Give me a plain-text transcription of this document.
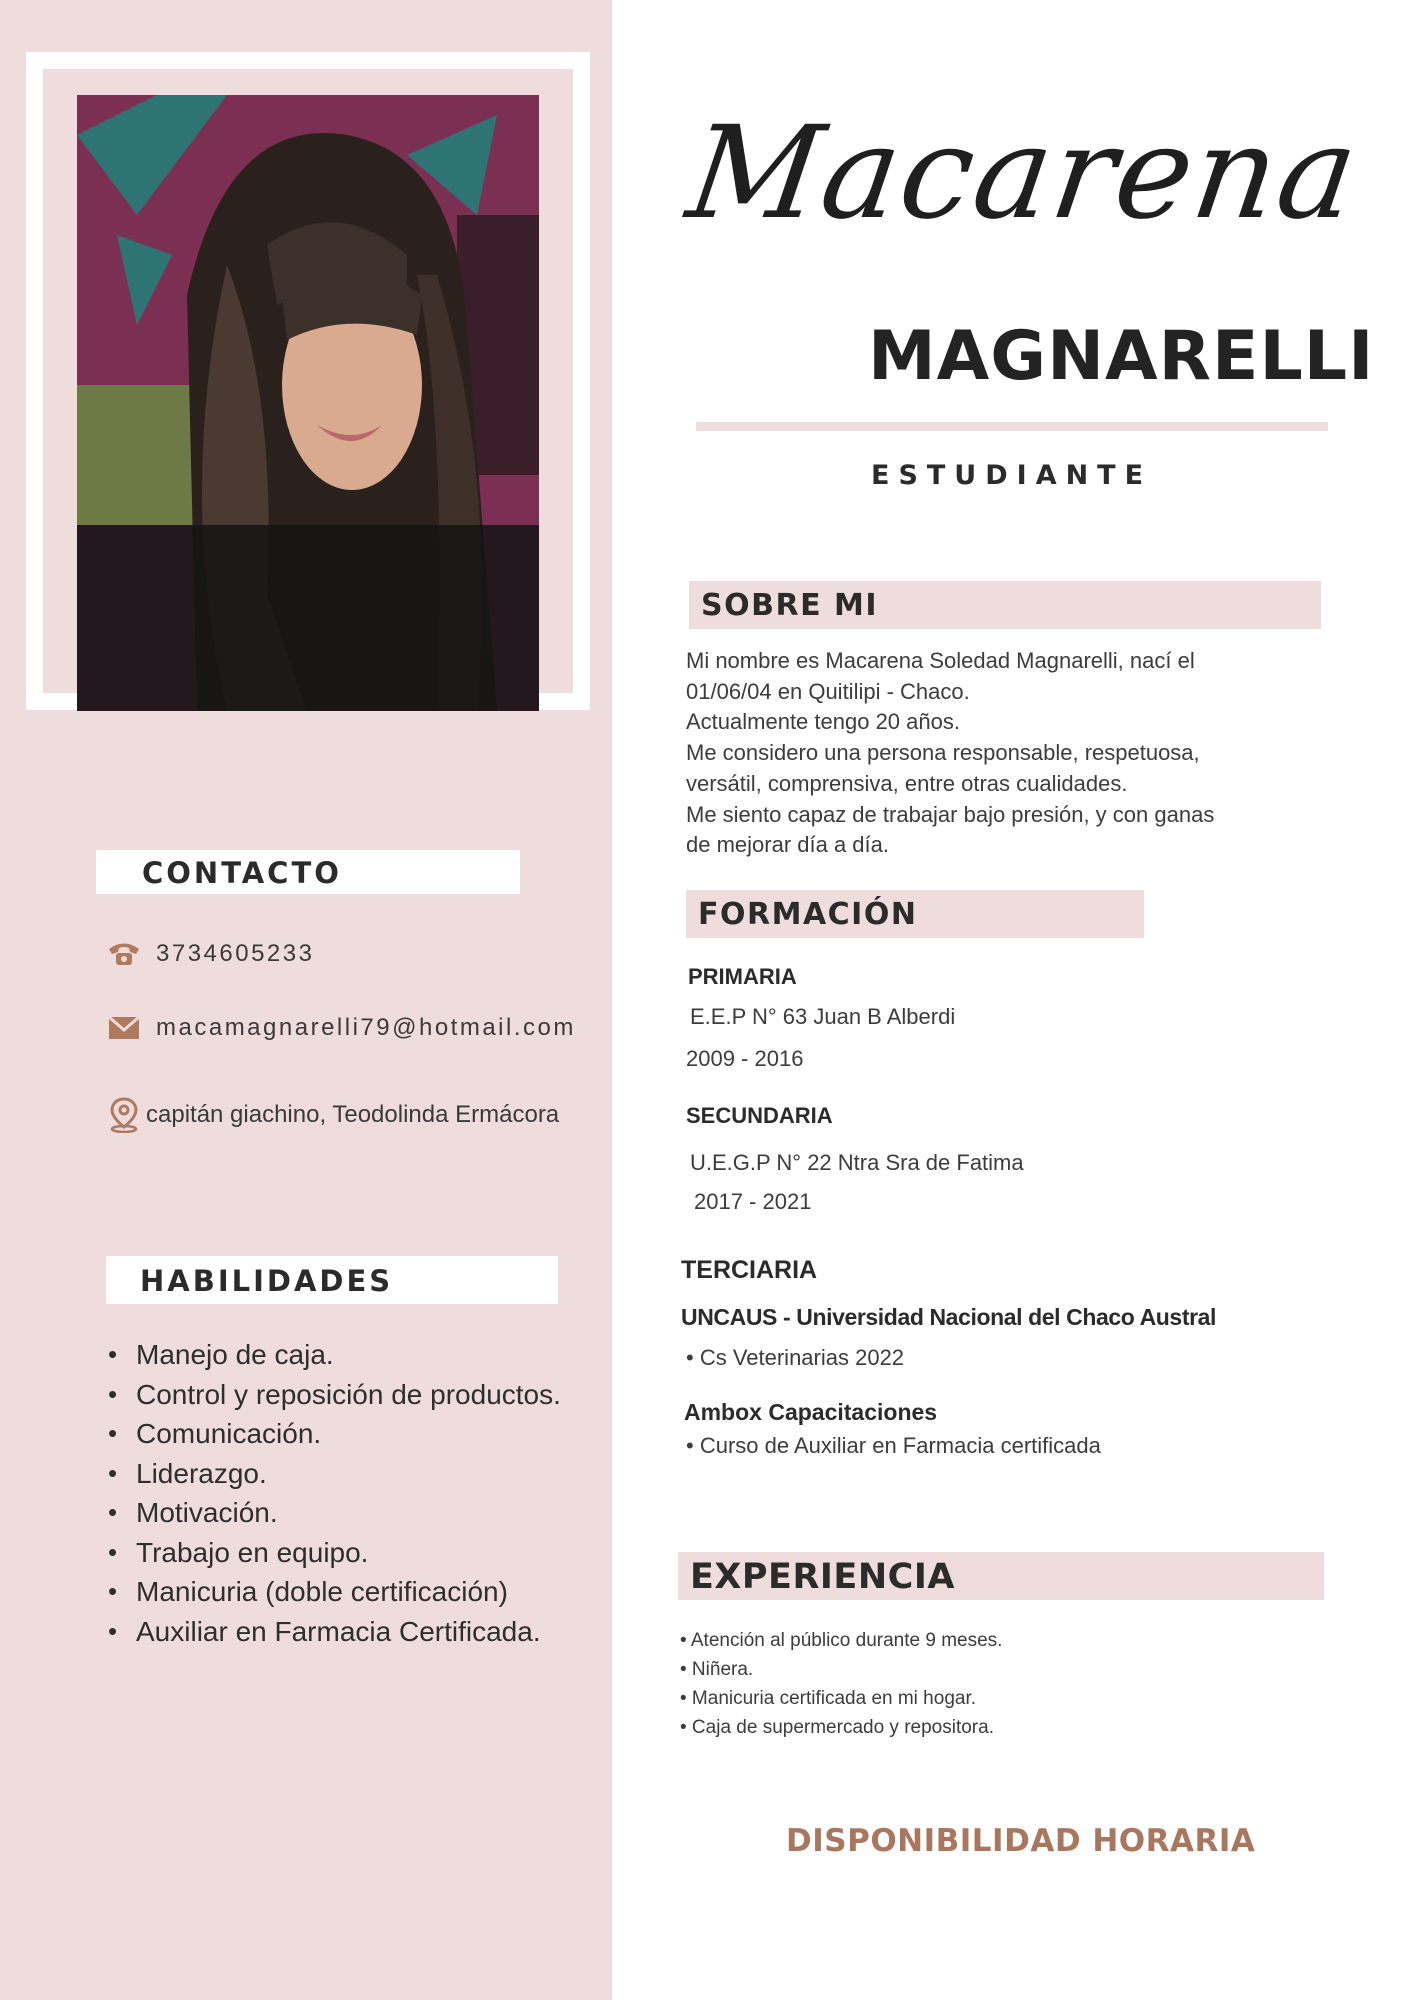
CONTACTO
3734605233
macamagnarelli79@hotmail.com
capitán giachino, Teodolinda Ermácora
HABILIDADES
• Manejo de caja.
• Control y reposición de productos.
• Comunicación.
• Liderazgo.
• Motivación.
• Trabajo en equipo.
• Manicuria (doble certificación)
• Auxiliar en Farmacia Certificada.
Macarena
MAGNARELLI
ESTUDIANTE
SOBRE MI
Mi nombre es Macarena Soledad Magnarelli, nací el
01/06/04 en Quitilipi - Chaco.
Actualmente tengo 20 años.
Me considero una persona responsable, respetuosa,
versátil, comprensiva, entre otras cualidades.
Me siento capaz de trabajar bajo presión, y con ganas
de mejorar día a día.
FORMACIÓN
PRIMARIA
E.E.P N° 63 Juan B Alberdi
2009 - 2016
SECUNDARIA
U.E.G.P N° 22 Ntra Sra de Fatima
2017 - 2021
TERCIARIA
UNCAUS - Universidad Nacional del Chaco Austral
• Cs Veterinarias 2022
Ambox Capacitaciones
• Curso de Auxiliar en Farmacia certificada
EXPERIENCIA
• Atención al público durante 9 meses.
• Niñera.
• Manicuria certificada en mi hogar.
• Caja de supermercado y repositora.
DISPONIBILIDAD HORARIA
